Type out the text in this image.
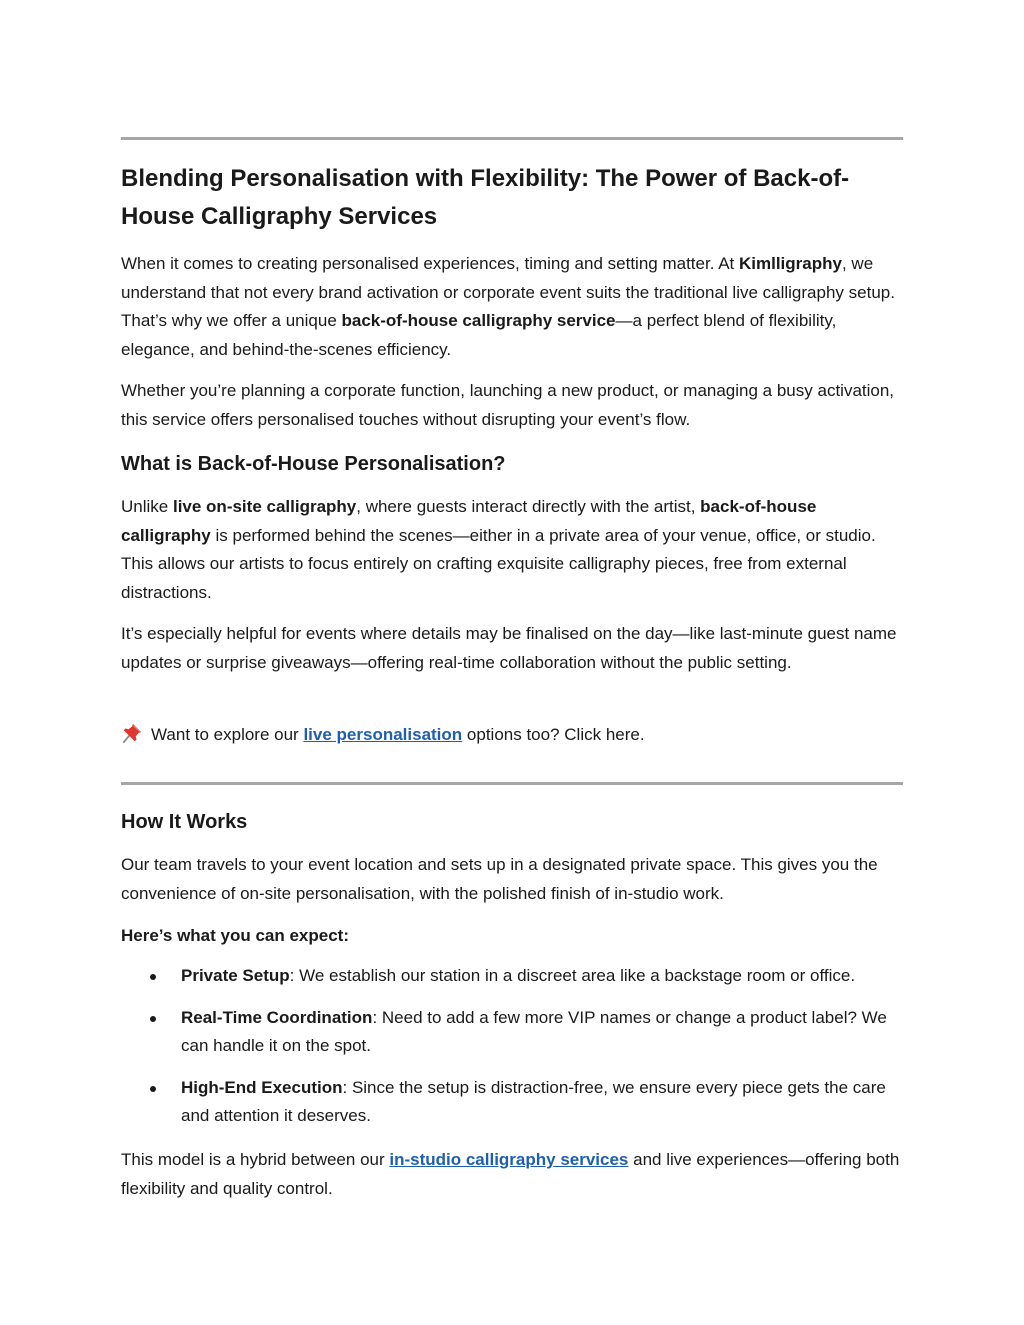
Blending Personalisation with Flexibility: The Power of Back-of-House Calligraphy Services

When it comes to creating personalised experiences, timing and setting matter. At Kimlligraphy, we understand that not every brand activation or corporate event suits the traditional live calligraphy setup. That’s why we offer a unique back-of-house calligraphy service—a perfect blend of flexibility, elegance, and behind-the-scenes efficiency.

Whether you’re planning a corporate function, launching a new product, or managing a busy activation, this service offers personalised touches without disrupting your event’s flow.

What is Back-of-House Personalisation?

Unlike live on-site calligraphy, where guests interact directly with the artist, back-of-house calligraphy is performed behind the scenes—either in a private area of your venue, office, or studio. This allows our artists to focus entirely on crafting exquisite calligraphy pieces, free from external distractions.

It’s especially helpful for events where details may be finalised on the day—like last-minute guest name updates or surprise giveaways—offering real-time collaboration without the public setting.

Want to explore our live personalisation options too? Click here.

How It Works

Our team travels to your event location and sets up in a designated private space. This gives you the convenience of on-site personalisation, with the polished finish of in-studio work.

Here’s what you can expect:

Private Setup: We establish our station in a discreet area like a backstage room or office.
Real-Time Coordination: Need to add a few more VIP names or change a product label? We can handle it on the spot.
High-End Execution: Since the setup is distraction-free, we ensure every piece gets the care and attention it deserves.

This model is a hybrid between our in-studio calligraphy services and live experiences—offering both flexibility and quality control.
